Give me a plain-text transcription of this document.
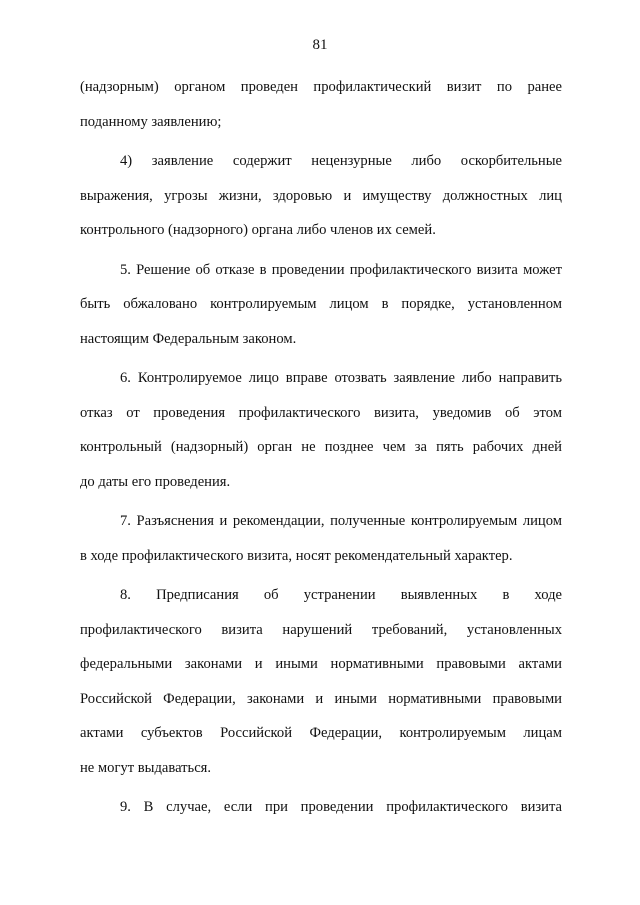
81
(надзорным) органом проведен профилактический визит по ранее
поданному заявлению;
4) заявление содержит нецензурные либо оскорбительные
выражения, угрозы жизни, здоровью и имуществу должностных лиц
контрольного (надзорного) органа либо членов их семей.
5. Решение об отказе в проведении профилактического визита может
быть обжаловано контролируемым лицом в порядке, установленном
настоящим Федеральным законом.
6. Контролируемое лицо вправе отозвать заявление либо направить
отказ от проведения профилактического визита, уведомив об этом
контрольный (надзорный) орган не позднее чем за пять рабочих дней
до даты его проведения.
7. Разъяснения и рекомендации, полученные контролируемым лицом
в ходе профилактического визита, носят рекомендательный характер.
8. Предписания об устранении выявленных в ходе
профилактического визита нарушений требований, установленных
федеральными законами и иными нормативными правовыми актами
Российской Федерации, законами и иными нормативными правовыми
актами субъектов Российской Федерации, контролируемым лицам
не могут выдаваться.
9. В случае, если при проведении профилактического визита
